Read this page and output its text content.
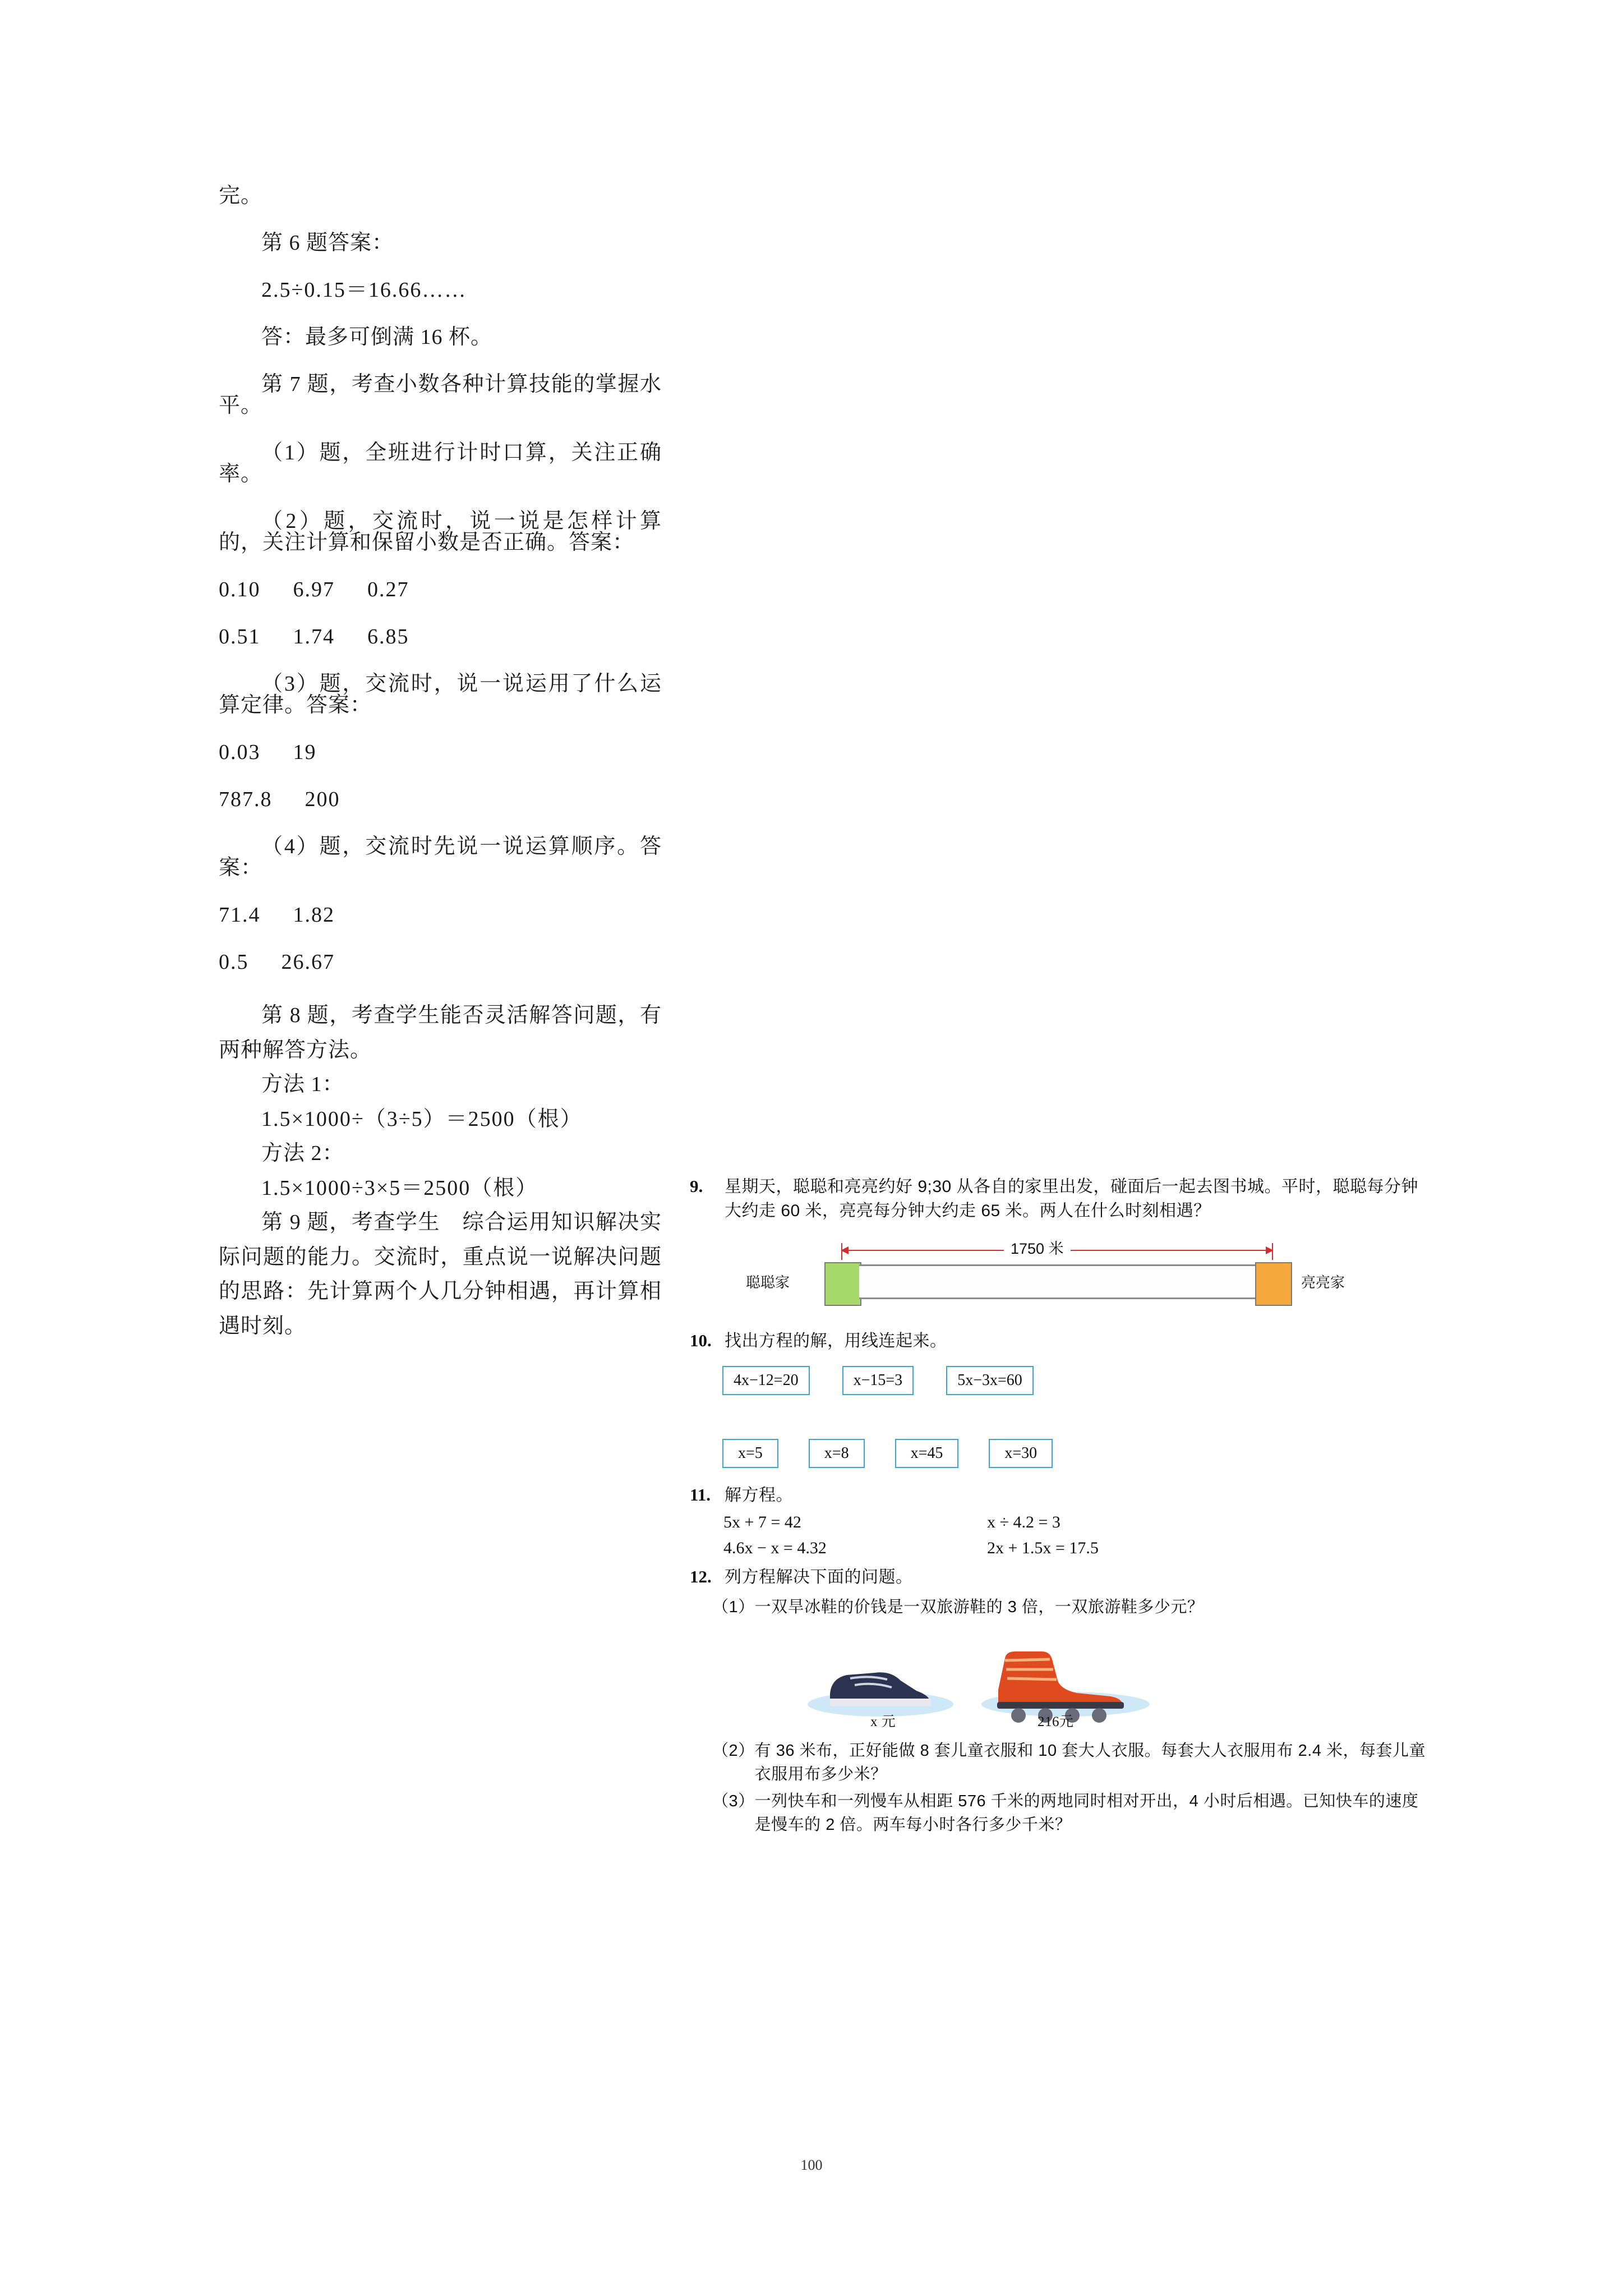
完。

第 6 题答案：

2.5÷0.15＝16.66……

答：最多可倒满 16 杯。

第 7 题，考查小数各种计算技能的掌握水平。

（1）题，全班进行计时口算，关注正确率。

（2）题，交流时，说一说是怎样计算的，关注计算和保留小数是否正确。答案：

0.10 6.97 0.27

0.51 1.74 6.85

（3）题，交流时，说一说运用了什么运算定律。答案：

0.03 19

787.8 200

（4）题，交流时先说一说运算顺序。答案：

71.4 1.82

0.5 26.67

第 8 题，考查学生能否灵活解答问题，有两种解答方法。

方法 1：

1.5×1000÷（3÷5）＝2500（根）

方法 2：

1.5×1000÷3×5＝2500（根）

第 9 题，考查学生　综合运用知识解决实际问题的能力。交流时，重点说一说解决问题的思路：先计算两个人几分钟相遇，再计算相遇时刻。

9.	星期天，聪聪和亮亮约好 9;30 从各自的家里出发，碰面后一起去图书城。平时，聪聪每分钟大约走 60 米，亮亮每分钟大约走 65 米。两人在什么时刻相遇？
聪聪家	亮亮家
1750 米
10. 找出方程的解，用线连起来。
4x−12=20	x−15=3	5x−3x=60
x=5	x=8	x=45	x=30
11. 解方程。
5x + 7 = 42	x ÷ 4.2 = 3
4.6x − x = 4.32	2x + 1.5x = 17.5
12. 列方程解决下面的问题。
（1） 一双旱冰鞋的价钱是一双旅游鞋的 3 倍，一双旅游鞋多少元？
x 元	216元
（2） 有 36 米布，正好能做 8 套儿童衣服和 10 套大人衣服。每套大人衣服用布 2.4 米，每套儿童衣服用布多少米？
（3） 一列快车和一列慢车从相距 576 千米的两地同时相对开出，4 小时后相遇。已知快车的速度是慢车的 2 倍。两车每小时各行多少千米？
100
